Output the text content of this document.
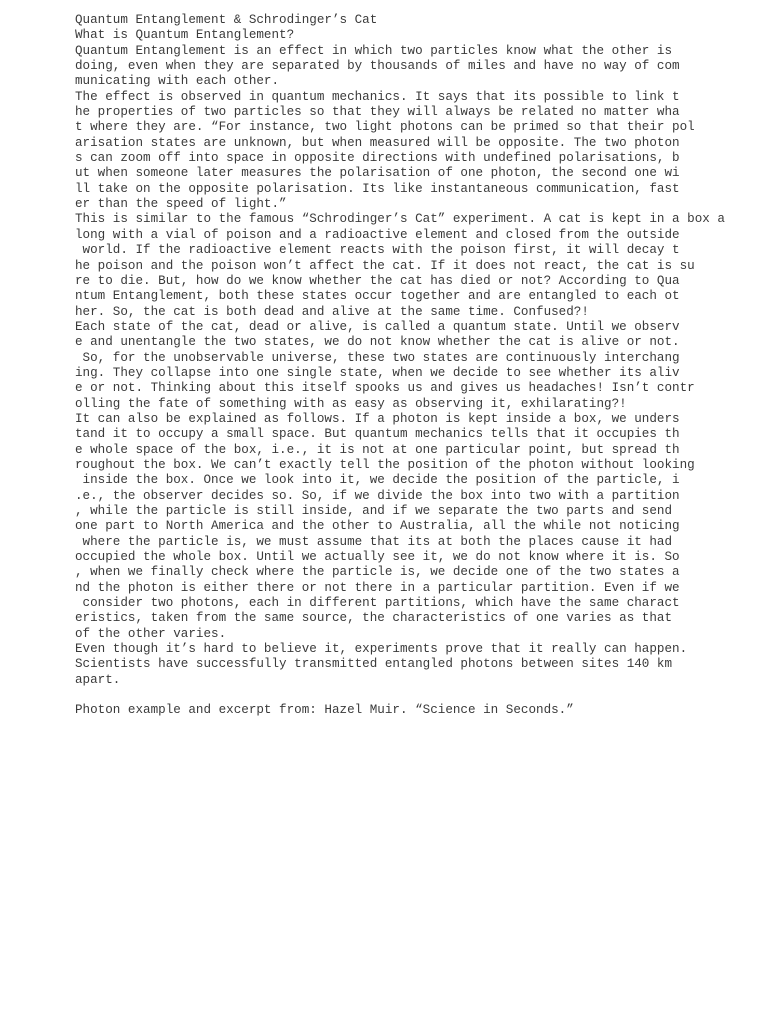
Quantum Entanglement & Schrodinger’s Cat
What is Quantum Entanglement?
Quantum Entanglement is an effect in which two particles know what the other is
doing, even when they are separated by thousands of miles and have no way of com
municating with each other.
The effect is observed in quantum mechanics. It says that its possible to link t
he properties of two particles so that they will always be related no matter wha
t where they are. “For instance, two light photons can be primed so that their pol
arisation states are unknown, but when measured will be opposite. The two photon
s can zoom off into space in opposite directions with undefined polarisations, b
ut when someone later measures the polarisation of one photon, the second one wi
ll take on the opposite polarisation. Its like instantaneous communication, fast
er than the speed of light.”
This is similar to the famous “Schrodinger’s Cat” experiment. A cat is kept in a box a
long with a vial of poison and a radioactive element and closed from the outside
world. If the radioactive element reacts with the poison first, it will decay t
he poison and the poison won’t affect the cat. If it does not react, the cat is su
re to die. But, how do we know whether the cat has died or not? According to Qua
ntum Entanglement, both these states occur together and are entangled to each ot
her. So, the cat is both dead and alive at the same time. Confused?!
Each state of the cat, dead or alive, is called a quantum state. Until we observ
e and unentangle the two states, we do not know whether the cat is alive or not.
So, for the unobservable universe, these two states are continuously interchang
ing. They collapse into one single state, when we decide to see whether its aliv
e or not. Thinking about this itself spooks us and gives us headaches! Isn’t contr
olling the fate of something with as easy as observing it, exhilarating?!
It can also be explained as follows. If a photon is kept inside a box, we unders
tand it to occupy a small space. But quantum mechanics tells that it occupies th
e whole space of the box, i.e., it is not at one particular point, but spread th
roughout the box. We can’t exactly tell the position of the photon without looking
inside the box. Once we look into it, we decide the position of the particle, i
.e., the observer decides so. So, if we divide the box into two with a partition
, while the particle is still inside, and if we separate the two parts and send
one part to North America and the other to Australia, all the while not noticing
where the particle is, we must assume that its at both the places cause it had
occupied the whole box. Until we actually see it, we do not know where it is. So
, when we finally check where the particle is, we decide one of the two states a
nd the photon is either there or not there in a particular partition. Even if we
consider two photons, each in different partitions, which have the same charact
eristics, taken from the same source, the characteristics of one varies as that
of the other varies.
Even though it’s hard to believe it, experiments prove that it really can happen.
Scientists have successfully transmitted entangled photons between sites 140 km
apart.
Photon example and excerpt from: Hazel Muir. “Science in Seconds.”
